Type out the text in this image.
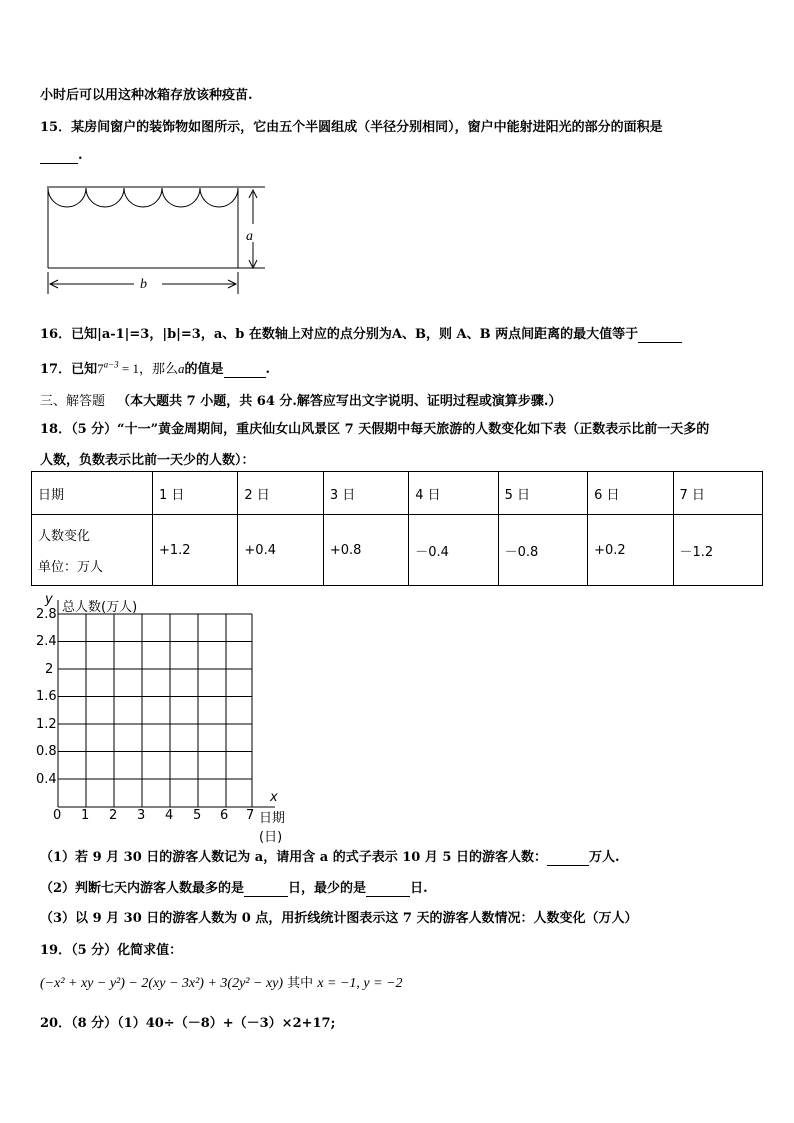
小时后可以用这种冰箱存放该种疫苗.
15．某房间窗户的装饰物如图所示，它由五个半圆组成（半径分别相同），窗户中能射进阳光的部分的面积是
.
a
b
16．已知|a-1|=3，|b|=3，a、b 在数轴上对应的点分别为A、B，则 A、B 两点间距离的最大值等于
17．已知$7^{a-3} = 1$，那么a的值是	.
三、解答题 （本大题共 7 小题，共 64 分.解答应写出文字说明、证明过程或演算步骤.）
18．（5 分）“十一”黄金周期间，重庆仙女山风景区 7 天假期中每天旅游的人数变化如下表（正数表示比前一天多的
人数，负数表示比前一天少的人数）：
日期	1 日	2 日	3 日	4 日	5 日	6 日	7 日

人数变化
单位：万人	+1.2	+0.4	+0.8	－0.4	－0.8	+0.2	－1.2
y
总人数(万人)
x
日期(日)
2.8
2.4
2
1.6
1.2
0.8
0.4
0 1 2 3 4 5 6 7
（1）若 9 月 30 日的游客人数记为 a，请用含 a 的式子表示 10 月 5 日的游客人数：	万人.
（2）判断七天内游客人数最多的是	日，最少的是	日.
（3）以 9 月 30 日的游客人数为 0 点，用折线统计图表示这 7 天的游客人数情况：人数变化（万人）
19．（5 分）化简求值：
(−x² + xy − y²) − 2(xy − 3x²) + 3(2y² − xy) 其中 x = −1, y = −2
20．（8 分）（1）40÷（－8）+（－3）×2+17;
